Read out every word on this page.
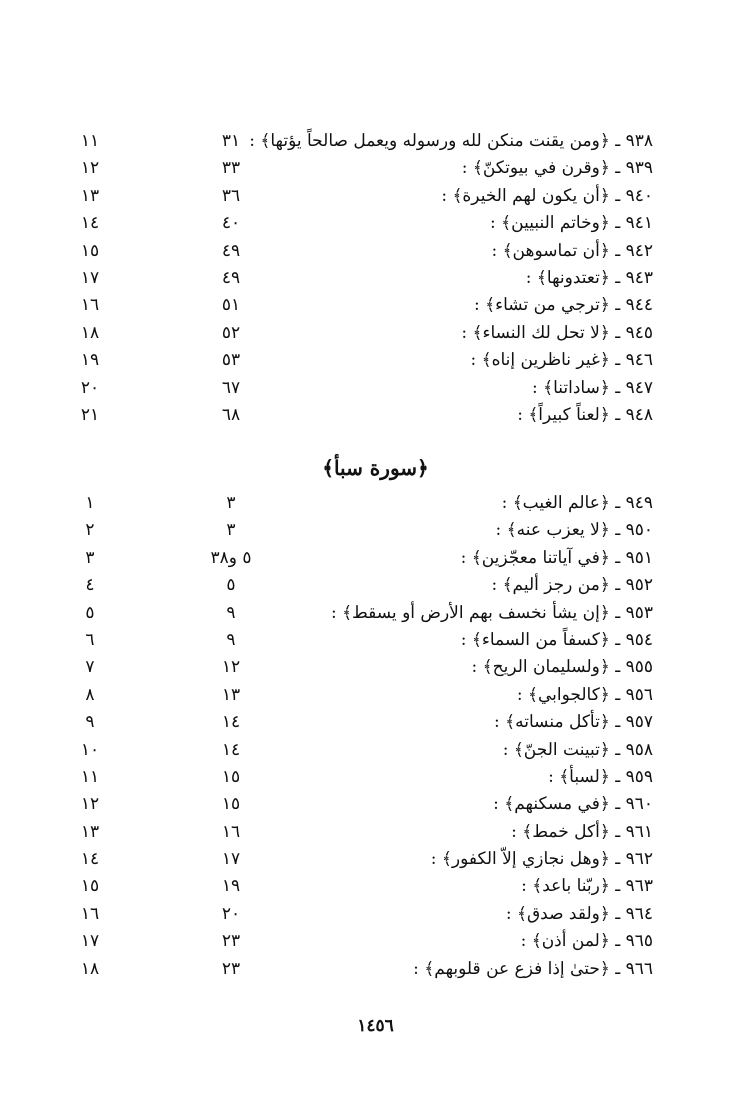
٩٣٨ ـ ﴿ومن يقنت منكن لله ورسوله ويعمل صالحاً يؤتها﴾ :
٣١
١١
٩٣٩ ـ ﴿وقرن في بيوتكنّ﴾ :
٣٣
١٢
٩٤٠ ـ ﴿أن يكون لهم الخيرة﴾ :
٣٦
١٣
٩٤١ ـ ﴿وخاتم النبيين﴾ :
٤٠
١٤
٩٤٢ ـ ﴿أن تماسوهن﴾ :
٤٩
١٥
٩٤٣ ـ ﴿تعتدونها﴾ :
٤٩
١٧
٩٤٤ ـ ﴿ترجي من تشاء﴾ :
٥١
١٦
٩٤٥ ـ ﴿لا تحل لك النساء﴾ :
٥٢
١٨
٩٤٦ ـ ﴿غير ناظرين إناه﴾ :
٥٣
١٩
٩٤٧ ـ ﴿ساداتنا﴾ :
٦٧
٢٠
٩٤٨ ـ ﴿لعناً كبيراً﴾ :
٦٨
٢١
﴿سورة سبأ﴾
٩٤٩ ـ ﴿عالم الغيب﴾ :
٣
١
٩٥٠ ـ ﴿لا يعزب عنه﴾ :
٣
٢
٩٥١ ـ ﴿في آياتنا معجّزين﴾ :
٥ و٣٨
٣
٩٥٢ ـ ﴿من رجز أليم﴾ :
٥
٤
٩٥٣ ـ ﴿إن يشأ نخسف بهم الأرض أو يسقط﴾ :
٩
٥
٩٥٤ ـ ﴿كسفاً من السماء﴾ :
٩
٦
٩٥٥ ـ ﴿ولسليمان الريح﴾ :
١٢
٧
٩٥٦ ـ ﴿كالجوابي﴾ :
١٣
٨
٩٥٧ ـ ﴿تأكل منساته﴾ :
١٤
٩
٩٥٨ ـ ﴿تبينت الجنّ﴾ :
١٤
١٠
٩٥٩ ـ ﴿لسبأ﴾ :
١٥
١١
٩٦٠ ـ ﴿في مسكنهم﴾ :
١٥
١٢
٩٦١ ـ ﴿أكل خمط﴾ :
١٦
١٣
٩٦٢ ـ ﴿وهل نجازي إلاّ الكفور﴾ :
١٧
١٤
٩٦٣ ـ ﴿ربّنا باعد﴾ :
١٩
١٥
٩٦٤ ـ ﴿ولقد صدق﴾ :
٢٠
١٦
٩٦٥ ـ ﴿لمن أذن﴾ :
٢٣
١٧
٩٦٦ ـ ﴿حتىٰ إذا فزع عن قلوبهم﴾ :
٢٣
١٨
١٤٥٦
